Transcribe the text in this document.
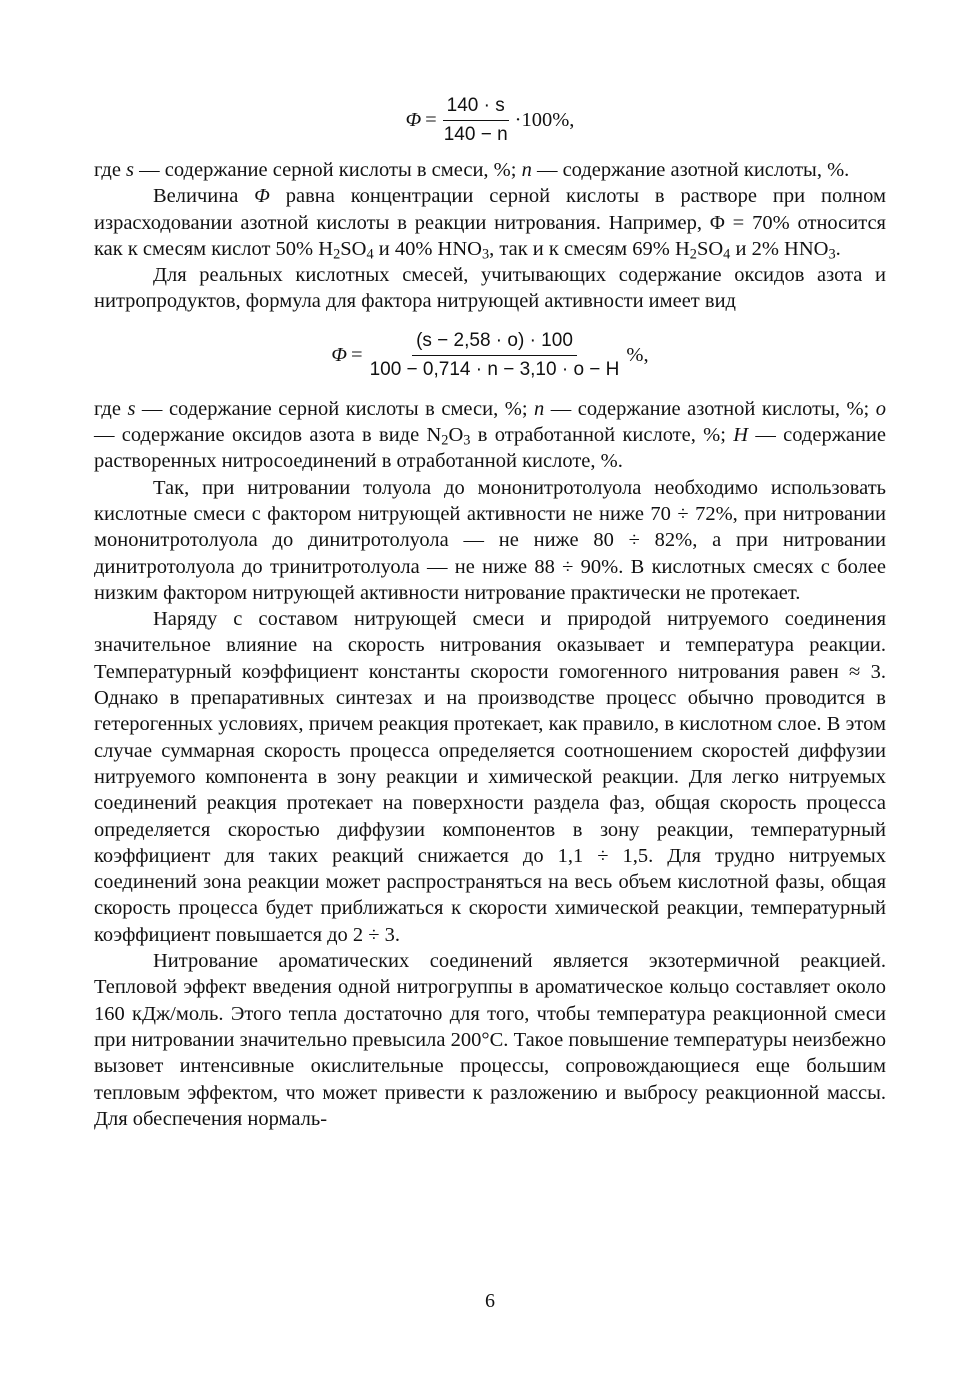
$\Phi = \frac{140 \cdot s}{140 - n} \cdot 100\%$,

где s — содержание серной кислоты в смеси, %; n — содержание азотной кислоты, %.

Величина Φ равна концентрации серной кислоты в растворе при полном израсходовании азотной кислоты в реакции нитрования. Например, Φ = 70% относится как к смесям кислот 50% $H_2SO_4$ и 40% $HNO_3$, так и к смесям 69% $H_2SO_4$ и 2% $HNO_3$.

Для реальных кислотных смесей, учитывающих содержание оксидов азота и нитропродуктов, формула для фактора нитрующей активности имеет вид

$\Phi = \frac{(s - 2,58 \cdot o) \cdot 100}{100 - 0,714 \cdot n - 3,10 \cdot o - H}$ %,

где s — содержание серной кислоты в смеси, %; n — содержание азотной кислоты, %; o — содержание оксидов азота в виде $N_2O_3$ в отработанной кислоте, %; H — содержание растворенных нитросоединений в отработанной кислоте, %.

Так, при нитровании толуола до мононитротолуола необходимо использовать кислотные смеси с фактором нитрующей активности не ниже 70 ÷ 72%, при нитровании мононитротолуола до динитротолуола — не ниже 80 ÷ 82%, а при нитровании динитротолуола до тринитротолуола — не ниже 88 ÷ 90%. В кислотных смесях с более низким фактором нитрующей активности нитрование практически не протекает.

Наряду с составом нитрующей смеси и природой нитруемого соединения значительное влияние на скорость нитрования оказывает и температура реакции. Температурный коэффициент константы скорости гомогенного нитрования равен ≈ 3. Однако в препаративных синтезах и на производстве процесс обычно проводится в гетерогенных условиях, причем реакция протекает, как правило, в кислотном слое. В этом случае суммарная скорость процесса определяется соотношением скоростей диффузии нитруемого компонента в зону реакции и химической реакции. Для легко нитруемых соединений реакция протекает на поверхности раздела фаз, общая скорость процесса определяется скоростью диффузии компонентов в зону реакции, температурный коэффициент для таких реакций снижается до 1,1 ÷ 1,5. Для трудно нитруемых соединений зона реакции может распространяться на весь объем кислотной фазы, общая скорость процесса будет приближаться к скорости химической реакции, температурный коэффициент повышается до 2 ÷ 3.

Нитрование ароматических соединений является экзотермичной реакцией. Тепловой эффект введения одной нитрогруппы в ароматическое кольцо составляет около 160 кДж/моль. Этого тепла достаточно для того, чтобы температура реакционной смеси при нитровании значительно превысила 200°С. Такое повышение температуры неизбежно вызовет интенсивные окислительные процессы, сопровождающиеся еще большим тепловым эффектом, что может привести к разложению и выбросу реакционной массы. Для обеспечения нормаль-

6
